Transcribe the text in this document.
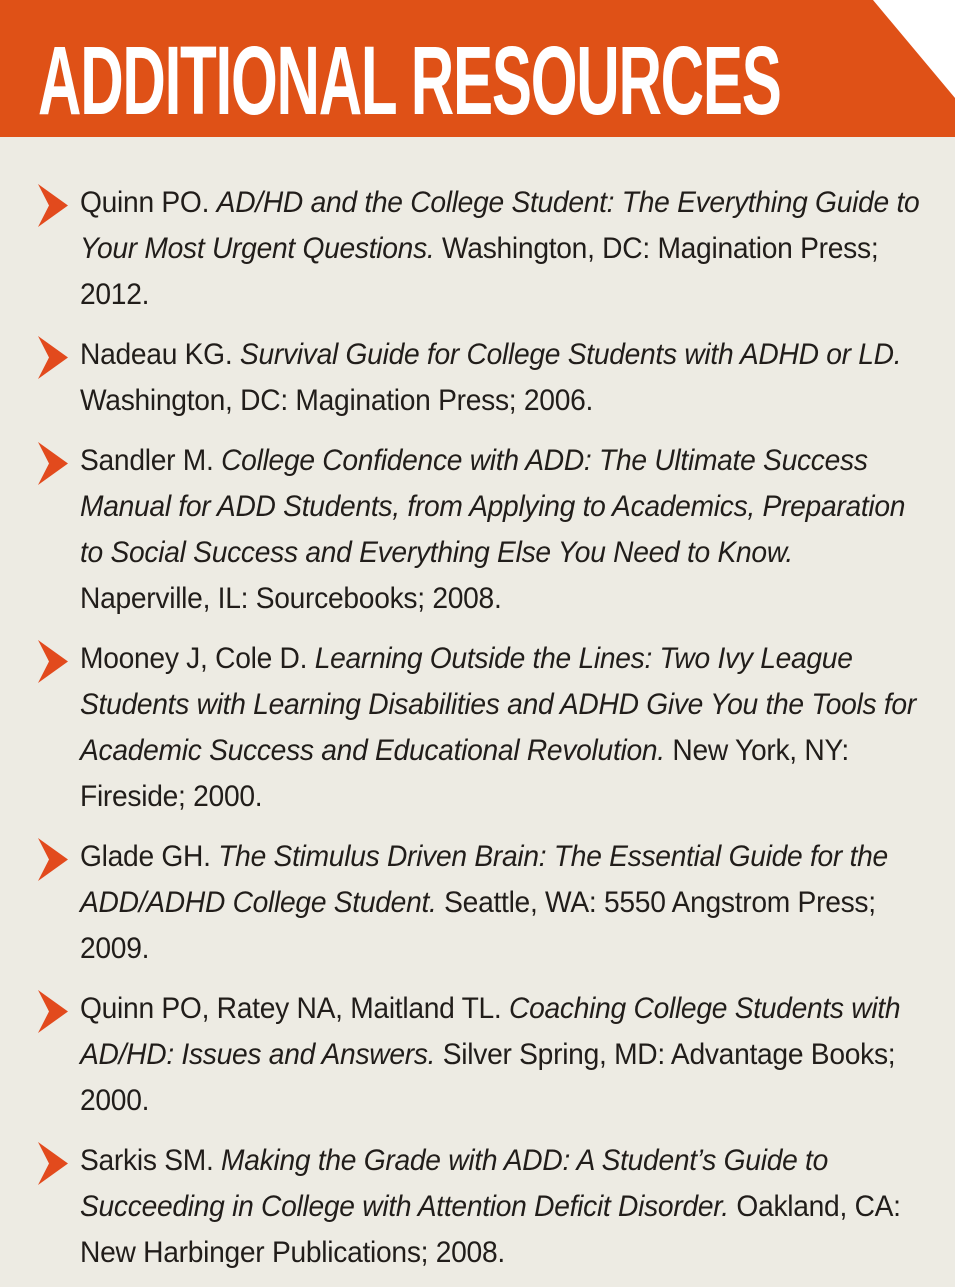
ADDITIONAL RESOURCES

Quinn PO. AD/HD and the College Student: The Everything Guide to Your Most Urgent Questions. Washington, DC: Magination Press; 2012.

Nadeau KG. Survival Guide for College Students with ADHD or LD. Washington, DC: Magination Press; 2006.

Sandler M. College Confidence with ADD: The Ultimate Success Manual for ADD Students, from Applying to Academics, Preparation to Social Success and Everything Else You Need to Know. Naperville, IL: Sourcebooks; 2008.

Mooney J, Cole D. Learning Outside the Lines: Two Ivy League Students with Learning Disabilities and ADHD Give You the Tools for Academic Success and Educational Revolution. New York, NY: Fireside; 2000.

Glade GH. The Stimulus Driven Brain: The Essential Guide for the ADD/ADHD College Student. Seattle, WA: 5550 Angstrom Press; 2009.

Quinn PO, Ratey NA, Maitland TL. Coaching College Students with AD/HD: Issues and Answers. Silver Spring, MD: Advantage Books; 2000.

Sarkis SM. Making the Grade with ADD: A Student’s Guide to Succeeding in College with Attention Deficit Disorder. Oakland, CA: New Harbinger Publications; 2008.
